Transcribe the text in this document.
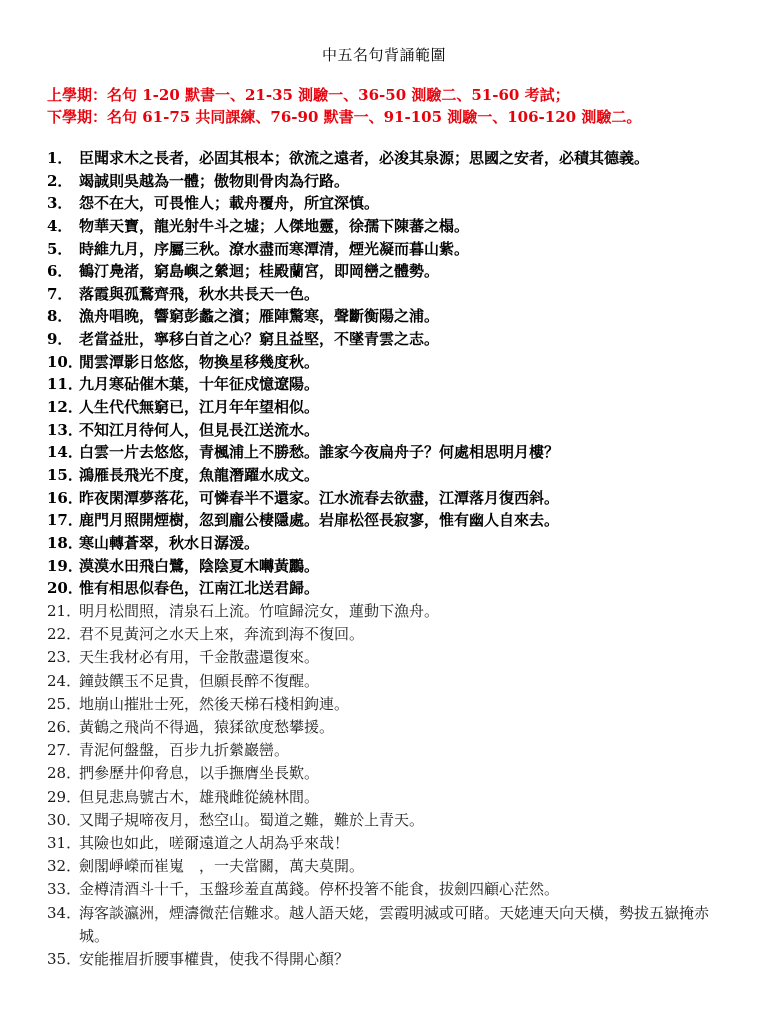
中五名句背誦範圍
上學期：名句 1-20 默書一、21-35 測驗一、36-50 測驗二、51-60 考試；
下學期：名句 61-75 共同課練、76-90 默書一、91-105 測驗一、106-120 測驗二。
1． 臣聞求木之長者，必固其根本；欲流之遠者，必浚其泉源；思國之安者，必積其德義。
2． 竭誠則吳越為一體；傲物則骨肉為行路。
3． 怨不在大，可畏惟人；載舟覆舟，所宜深慎。
4． 物華天寶，龍光射牛斗之墟；人傑地靈，徐孺下陳蕃之榻。
5． 時維九月，序屬三秋。潦水盡而寒潭清，煙光凝而暮山紫。
6． 鶴汀鳧渚，窮島嶼之縈迴；桂殿蘭宮，即岡巒之體勢。
7． 落霞與孤鶩齊飛，秋水共長天一色。
8． 漁舟唱晚，響窮彭蠡之濱；雁陣驚寒，聲斷衡陽之浦。
9． 老當益壯，寧移白首之心？窮且益堅，不墜青雲之志。
10．
閒雲潭影日悠悠，物換星移幾度秋。
11．
九月寒砧催木葉，十年征戍憶遼陽。
12．
人生代代無窮已，江月年年望相似。
13．
不知江月待何人，但見長江送流水。
14．
白雲一片去悠悠，青楓浦上不勝愁。誰家今夜扁舟子？何處相思明月樓？
15．
鴻雁長飛光不度，魚龍潛躍水成文。
16．
昨夜閑潭夢落花，可憐春半不還家。江水流春去欲盡，江潭落月復西斜。
17．
鹿門月照開煙樹，忽到龐公棲隱處。岩扉松徑長寂寥，惟有幽人自來去。
18．
寒山轉蒼翠，秋水日潺湲。
19．
漠漠水田飛白鷺，陰陰夏木囀黃鸝。
20．
惟有相思似春色，江南江北送君歸。
21．
明月松間照，清泉石上流。竹喧歸浣女，蓮動下漁舟。
22．
君不見黃河之水天上來，奔流到海不復回。
23．
天生我材必有用，千金散盡還復來。
24．
鐘鼓饌玉不足貴，但願長醉不復醒。
25．
地崩山摧壯士死，然後天梯石棧相鉤連。
26．
黃鶴之飛尚不得過，猿猱欲度愁攀援。
27．
青泥何盤盤，百步九折縈巖巒。
28．
捫參歷井仰脅息，以手撫膺坐長歎。
29．
但見悲鳥號古木，雄飛雌從繞林間。
30．
又聞子規啼夜月，愁空山。蜀道之難，難於上青天。
31．
其險也如此，嗟爾遠道之人胡為乎來哉！
32．
劍閣崢嶸而崔嵬　，一夫當關，萬夫莫開。
33．
金樽清酒斗十千，玉盤珍羞直萬錢。停杯投箸不能食，拔劍四顧心茫然。
34．
海客談瀛洲，煙濤微茫信難求。越人語天姥，雲霞明滅或可睹。天姥連天向天橫，勢拔五嶽掩赤城。
35．
安能摧眉折腰事權貴，使我不得開心顏？
